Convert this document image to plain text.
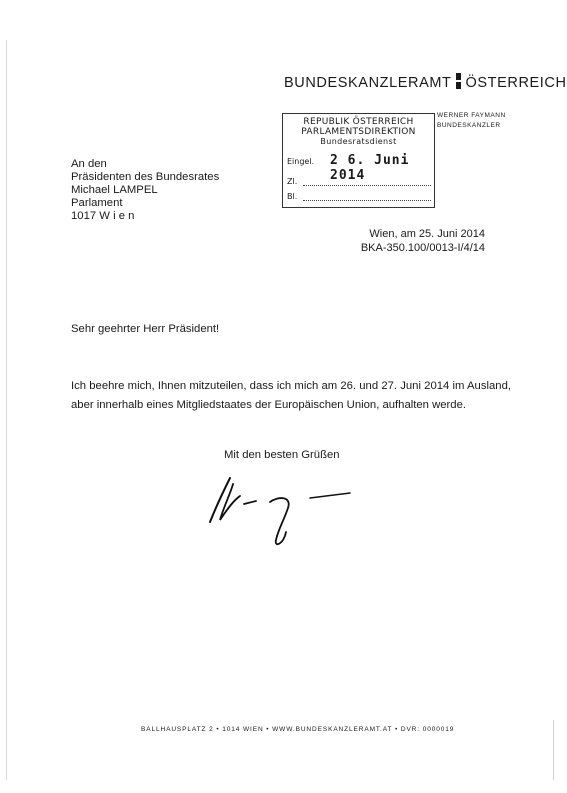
BUNDESKANZLERAMT ÖSTERREICH
WERNER FAYMANN
BUNDESKANZLER
REPUBLIK ÖSTERREICH
PARLAMENTSDIREKTION
Bundesratsdienst
Eingel. 2 6. Juni 2014
Zl.
Bl.
An den
Präsidenten des Bundesrates
Michael LAMPEL
Parlament
1017 W i e n
Wien, am 25. Juni 2014
BKA-350.100/0013-I/4/14
Sehr geehrter Herr Präsident!
Ich beehre mich, Ihnen mitzuteilen, dass ich mich am 26. und 27. Juni 2014 im Ausland, aber innerhalb eines Mitgliedstaates der Europäischen Union, aufhalten werde.
Mit den besten Grüßen
BALLHAUSPLATZ 2 • 1014 WIEN • WWW.BUNDESKANZLERAMT.AT • DVR: 0000019
